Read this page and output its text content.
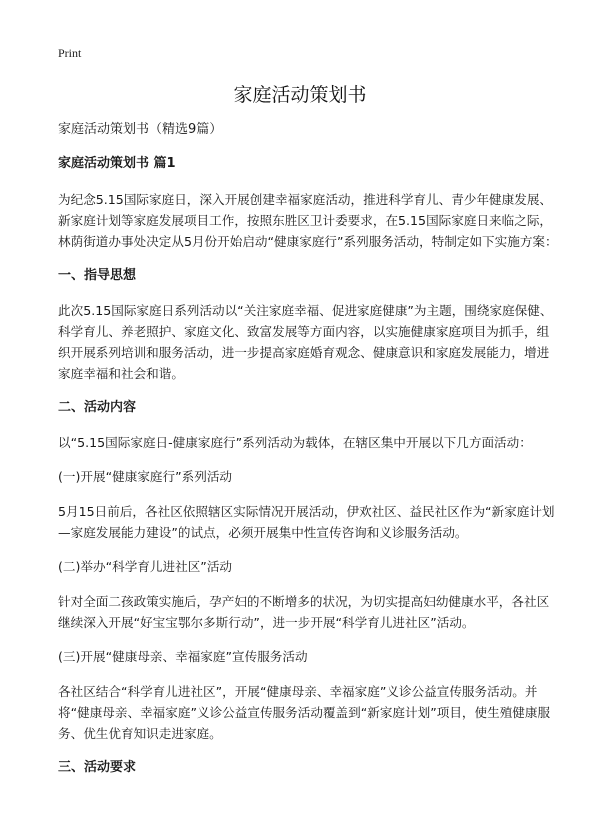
Print
家庭活动策划书
家庭活动策划书（精选9篇）
家庭活动策划书 篇1
为纪念5.15国际家庭日，深入开展创建幸福家庭活动，推进科学育儿、青少年健康发展、新家庭计划等家庭发展项目工作，按照东胜区卫计委要求，在5.15国际家庭日来临之际，林荫街道办事处决定从5月份开始启动“健康家庭行”系列服务活动，特制定如下实施方案：
一、指导思想
此次5.15国际家庭日系列活动以“关注家庭幸福、促进家庭健康”为主题，围绕家庭保健、科学育儿、养老照护、家庭文化、致富发展等方面内容，以实施健康家庭项目为抓手，组织开展系列培训和服务活动，进一步提高家庭婚育观念、健康意识和家庭发展能力，增进家庭幸福和社会和谐。
二、活动内容
以“5.15国际家庭日-健康家庭行”系列活动为载体，在辖区集中开展以下几方面活动：
(一)开展“健康家庭行”系列活动
5月15日前后，各社区依照辖区实际情况开展活动，伊欢社区、益民社区作为“新家庭计划—家庭发展能力建设”的试点，必须开展集中性宣传咨询和义诊服务活动。
(二)举办“科学育儿进社区”活动
针对全面二孩政策实施后，孕产妇的不断增多的状况，为切实提高妇幼健康水平，各社区继续深入开展“好宝宝鄂尔多斯行动”，进一步开展“科学育儿进社区”活动。
(三)开展“健康母亲、幸福家庭”宣传服务活动
各社区结合“科学育儿进社区”，开展“健康母亲、幸福家庭”义诊公益宣传服务活动。并将“健康母亲、幸福家庭”义诊公益宣传服务活动覆盖到“新家庭计划”项目，使生殖健康服务、优生优育知识走进家庭。
三、活动要求
